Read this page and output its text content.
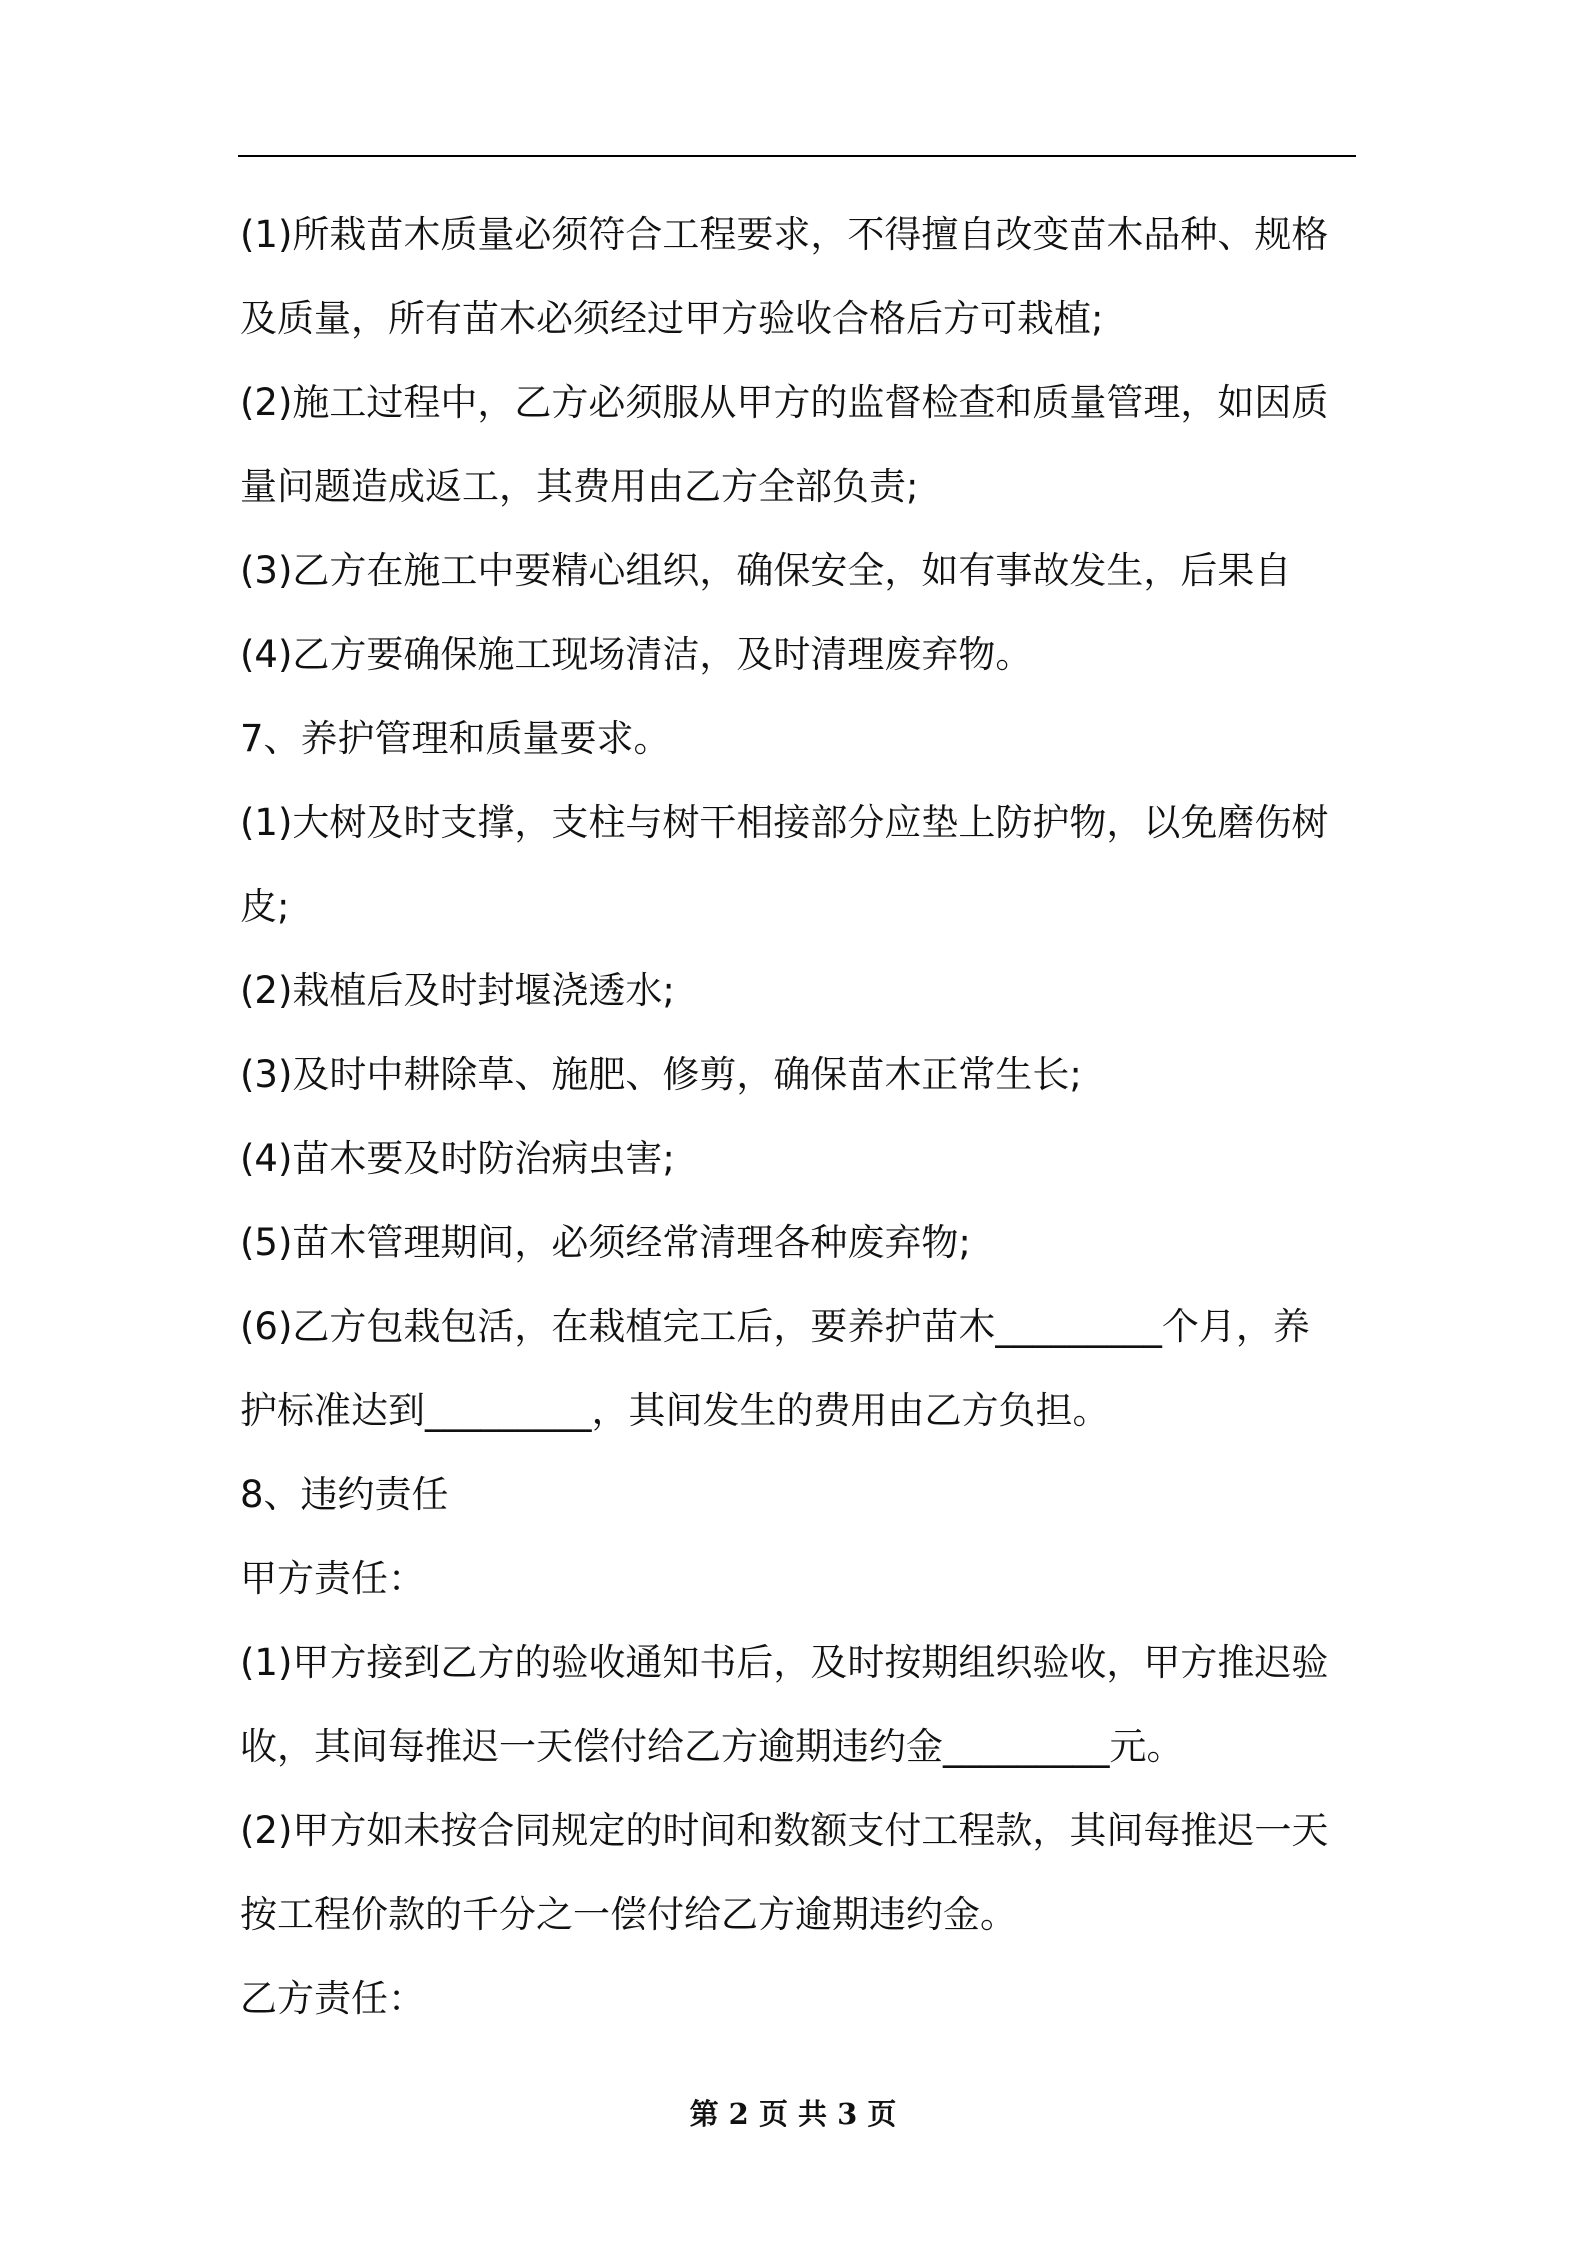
(1)所栽苗木质量必须符合工程要求，不得擅自改变苗木品种、规格

及质量，所有苗木必须经过甲方验收合格后方可栽植;

(2)施工过程中，乙方必须服从甲方的监督检查和质量管理，如因质

量问题造成返工，其费用由乙方全部负责;

(3)乙方在施工中要精心组织，确保安全，如有事故发生，后果自

(4)乙方要确保施工现场清洁，及时清理废弃物。

7、养护管理和质量要求。

(1)大树及时支撑，支柱与树干相接部分应垫上防护物，以免磨伤树

皮;

(2)栽植后及时封堰浇透水;

(3)及时中耕除草、施肥、修剪，确保苗木正常生长;

(4)苗木要及时防治病虫害;

(5)苗木管理期间，必须经常清理各种废弃物;

(6)乙方包栽包活，在栽植完工后，要养护苗木_________个月，养

护标准达到_________，其间发生的费用由乙方负担。

8、违约责任

甲方责任：

(1)甲方接到乙方的验收通知书后，及时按期组织验收，甲方推迟验

收，其间每推迟一天偿付给乙方逾期违约金_________元。

(2)甲方如未按合同规定的时间和数额支付工程款，其间每推迟一天

按工程价款的千分之一偿付给乙方逾期违约金。

乙方责任：

第 2 页 共 3 页
